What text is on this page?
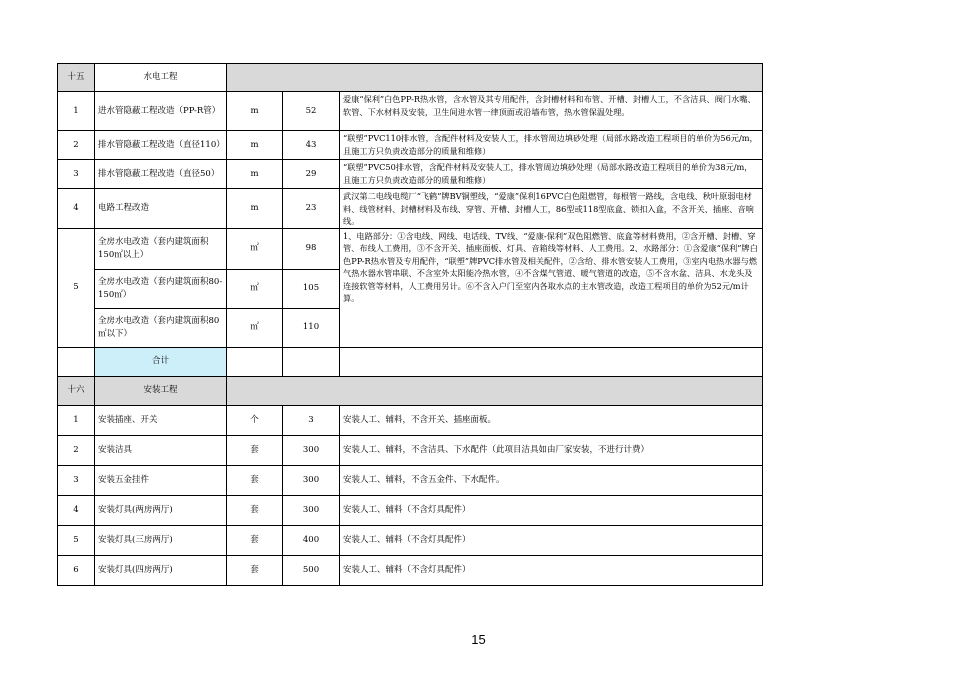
十五	水电工程			
1	进水管隐蔽工程改造（PP-R管）	m	52	爱康“保利”白色PP-R热水管，含水管及其专用配件，含封槽材料和布管、开槽、封槽人工，不含洁具、阀门水嘴、软管、下水材料及安装，卫生间进水管一律顶面或沿墙布管，热水管保温处理。
2	排水管隐蔽工程改造（直径110）	m	43	“联塑”PVC110排水管，含配件材料及安装人工，排水管周边填砂处理（局部水路改造工程项目的单价为56元/m，且施工方只负责改造部分的质量和维修）
3	排水管隐蔽工程改造（直径50）	m	29	“联塑”PVC50排水管，含配件材料及安装人工，排水管周边填砂处理（局部水路改造工程项目的单价为38元/m，且施工方只负责改造部分的质量和维修）
4	电路工程改造	m	23	武汉第二电线电缆厂“飞鹤”牌BV铜塑线，“爱康”保利16PVC白色阻燃管，每根管一路线，含电线、秋叶原弱电材料、线管材料、封槽材料及布线、穿管、开槽、封槽人工，86型或118型底盒、锁扣入盒，不含开关、插座、音响线。
5	全房水电改造（套内建筑面积150㎡以上）	㎡	98	1、电路部分：①含电线、网线、电话线、TV线、“爱康-保利”双色阻燃管、底盒等材料费用，②含开槽、封槽、穿管、布线人工费用，③不含开关、插座面板、灯具、音箱线等材料、人工费用。2、水路部分：①含爱康“保利”牌白色PP-R热水管及专用配件，“联塑”牌PVC排水管及相关配件，②含给、排水管安装人工费用，③室内电热水器与燃气热水器水管串联、不含室外太阳能冷热水管，④不含煤气管道、暖气管道的改造，⑤不含水盆、洁具、水龙头及连接软管等材料，人工费用另计。⑥不含入户门至室内各取水点的主水管改造，改造工程项目的单价为52元/m计算。
	全房水电改造（套内建筑面积80-150㎡）	㎡	105	
	全房水电改造（套内建筑面积80㎡以下）	㎡	110	
	合计			
十六	安装工程			
1	安装插座、开关	个	3	安装人工、辅料，不含开关、插座面板。
2	安装洁具	套	300	安装人工、辅料，不含洁具、下水配件（此项目洁具如由厂家安装，不进行计费）
3	安装五金挂件	套	300	安装人工、辅料，不含五金件、下水配件。
4	安装灯具(两房两厅)	套	300	安装人工、辅料（不含灯具配件）
5	安装灯具(三房两厅)	套	400	安装人工、辅料（不含灯具配件）
6	安装灯具(四房两厅)	套	500	安装人工、辅料（不含灯具配件）
15
